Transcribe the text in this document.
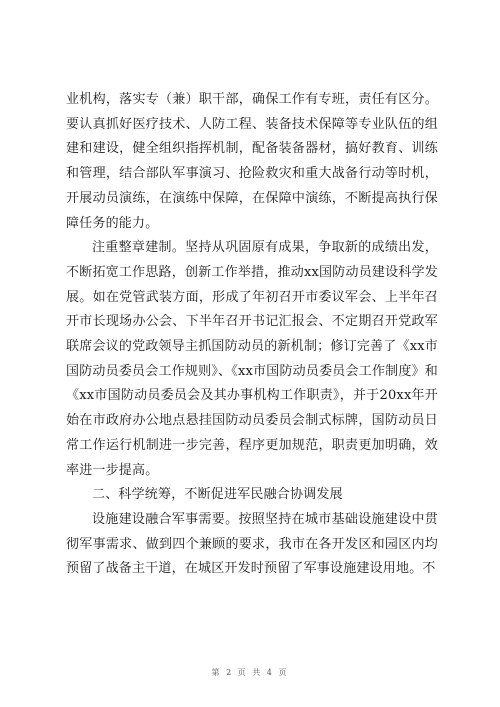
业机构，落实专（兼）职干部，确保工作有专班，责任有区分。要认真抓好医疗技术、人防工程、装备技术保障等专业队伍的组建和建设，健全组织指挥机制，配备装备器材，搞好教育、训练和管理，结合部队军事演习、抢险救灾和重大战备行动等时机，开展动员演练，在演练中保障，在保障中演练，不断提高执行保障任务的能力。

注重整章建制。坚持从巩固原有成果，争取新的成绩出发，不断拓宽工作思路，创新工作举措，推动xx国防动员建设科学发展。如在党管武装方面，形成了年初召开市委议军会、上半年召开市长现场办公会、下半年召开书记汇报会、不定期召开党政军联席会议的党政领导主抓国防动员的新机制；修订完善了《xx市国防动员委员会工作规则》、《xx市国防动员委员会工作制度》和《xx市国防动员委员会及其办事机构工作职责》，并于20xx年开始在市政府办公地点悬挂国防动员委员会制式标牌，国防动员日常工作运行机制进一步完善，程序更加规范，职责更加明确，效率进一步提高。

二、科学统筹，不断促进军民融合协调发展

设施建设融合军事需要。按照坚持在城市基础设施建设中贯彻军事需求、做到四个兼顾的要求，我市在各开发区和园区内均预留了战备主干道，在城区开发时预留了军事设施建设用地。不

第 2 页 共 4 页
